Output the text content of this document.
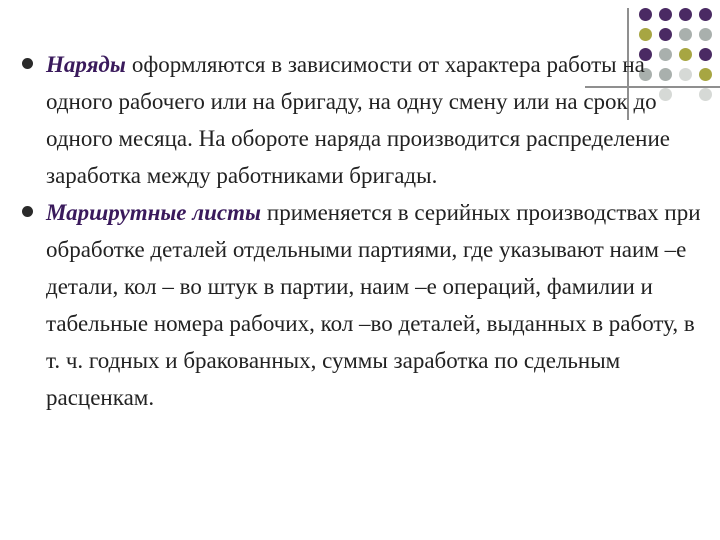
Наряды оформляются в зависимости от характера работы на одного рабочего или на бригаду, на одну смену или на срок до одного месяца. На обороте наряда производится распределение заработка между работниками бригады.
Маршрутные листы применяется в серийных производствах при обработке деталей отдельными партиями, где указывают наим –е детали, кол – во штук в партии, наим –е операций, фамилии и табельные номера рабочих, кол –во деталей, выданных в работу, в т. ч. годных и бракованных, суммы заработка по сдельным расценкам.
